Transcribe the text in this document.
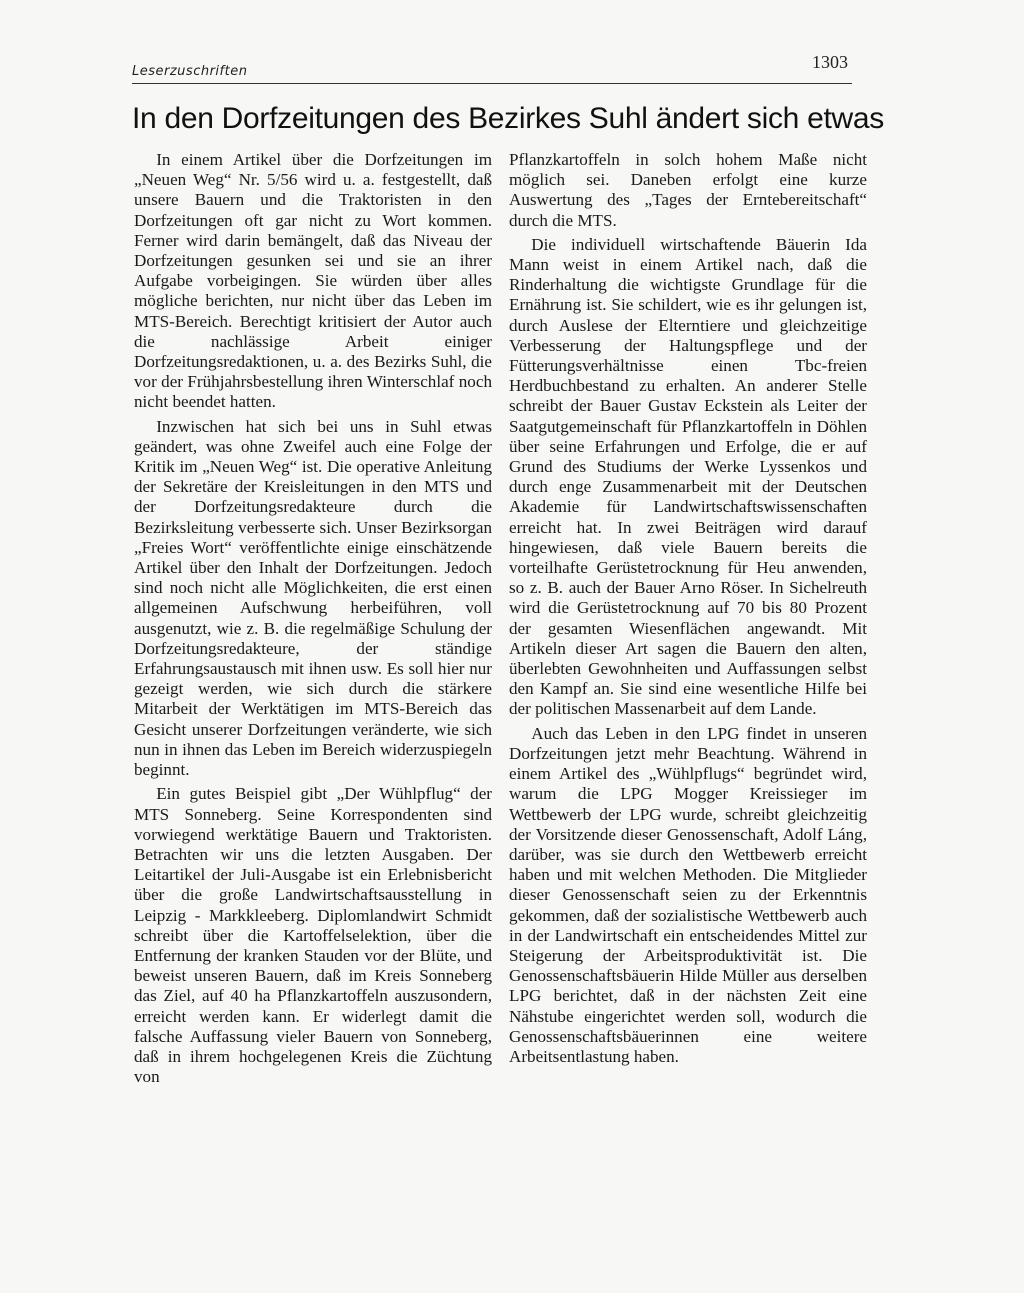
Leserzuschriften	1303
In den Dorfzeitungen des Bezirkes Suhl ändert sich etwas

In einem Artikel über die Dorfzeitungen im „Neuen Weg“ Nr. 5/56 wird u. a. festgestellt, daß unsere Bauern und die Traktoristen in den Dorfzeitungen oft gar nicht zu Wort kommen. Ferner wird darin bemängelt, daß das Niveau der Dorfzeitungen gesunken sei und sie an ihrer Aufgabe vorbeigingen. Sie würden über alles mögliche berichten, nur nicht über das Leben im MTS-Bereich. Berechtigt kritisiert der Autor auch die nachlässige Arbeit einiger Dorfzeitungsredaktionen, u. a. des Bezirks Suhl, die vor der Frühjahrsbestellung ihren Winterschlaf noch nicht beendet hatten.

Inzwischen hat sich bei uns in Suhl etwas geändert, was ohne Zweifel auch eine Folge der Kritik im „Neuen Weg“ ist. Die operative Anleitung der Sekretäre der Kreisleitungen in den MTS und der Dorfzeitungsredakteure durch die Bezirksleitung verbesserte sich. Unser Bezirksorgan „Freies Wort“ veröffentlichte einige einschätzende Artikel über den Inhalt der Dorfzeitungen. Jedoch sind noch nicht alle Möglichkeiten, die erst einen allgemeinen Aufschwung herbeiführen, voll ausgenutzt, wie z. B. die regelmäßige Schulung der Dorfzeitungsredakteure, der ständige Erfahrungsaustausch mit ihnen usw. Es soll hier nur gezeigt werden, wie sich durch die stärkere Mitarbeit der Werktätigen im MTS-Bereich das Gesicht unserer Dorfzeitungen veränderte, wie sich nun in ihnen das Leben im Bereich widerzuspiegeln beginnt.

Ein gutes Beispiel gibt „Der Wühlpflug“ der MTS Sonneberg. Seine Korrespondenten sind vorwiegend werktätige Bauern und Traktoristen. Betrachten wir uns die letzten Ausgaben. Der Leitartikel der Juli-Ausgabe ist ein Erlebnisbericht über die große Landwirtschaftsausstellung in Leipzig - Markkleeberg. Diplomlandwirt Schmidt schreibt über die Kartoffelselektion, über die Entfernung der kranken Stauden vor der Blüte, und beweist unseren Bauern, daß im Kreis Sonneberg das Ziel, auf 40 ha Pflanzkartoffeln auszusondern, erreicht werden kann. Er widerlegt damit die falsche Auffassung vieler Bauern von Sonneberg, daß in ihrem hochgelegenen Kreis die Züchtung von

Pflanzkartoffeln in solch hohem Maße nicht möglich sei. Daneben erfolgt eine kurze Auswertung des „Tages der Erntebereitschaft“ durch die MTS.

Die individuell wirtschaftende Bäuerin Ida Mann weist in einem Artikel nach, daß die Rinderhaltung die wichtigste Grundlage für die Ernährung ist. Sie schildert, wie es ihr gelungen ist, durch Auslese der Elterntiere und gleichzeitige Verbesserung der Haltungspflege und der Fütterungsverhältnisse einen Tbc-freien Herdbuchbestand zu erhalten. An anderer Stelle schreibt der Bauer Gustav Eckstein als Leiter der Saatgutgemeinschaft für Pflanzkartoffeln in Döhlen über seine Erfahrungen und Erfolge, die er auf Grund des Studiums der Werke Lyssenkos und durch enge Zusammenarbeit mit der Deutschen Akademie für Landwirtschaftswissenschaften erreicht hat. In zwei Beiträgen wird darauf hingewiesen, daß viele Bauern bereits die vorteilhafte Gerüstetrocknung für Heu anwenden, so z. B. auch der Bauer Arno Röser. In Sichelreuth wird die Gerüstetrocknung auf 70 bis 80 Prozent der gesamten Wiesenflächen angewandt. Mit Artikeln dieser Art sagen die Bauern den alten, überlebten Gewohnheiten und Auffassungen selbst den Kampf an. Sie sind eine wesentliche Hilfe bei der politischen Massenarbeit auf dem Lande.

Auch das Leben in den LPG findet in unseren Dorfzeitungen jetzt mehr Beachtung. Während in einem Artikel des „Wühlpflugs“ begründet wird, warum die LPG Mogger Kreissieger im Wettbewerb der LPG wurde, schreibt gleichzeitig der Vorsitzende dieser Genossenschaft, Adolf Láng, darüber, was sie durch den Wettbewerb erreicht haben und mit welchen Methoden. Die Mitglieder dieser Genossenschaft seien zu der Erkenntnis gekommen, daß der sozialistische Wettbewerb auch in der Landwirtschaft ein entscheidendes Mittel zur Steigerung der Arbeitsproduktivität ist. Die Genossenschaftsbäuerin Hilde Müller aus derselben LPG berichtet, daß in der nächsten Zeit eine Nähstube eingerichtet werden soll, wodurch die Genossenschaftsbäuerinnen eine weitere Arbeitsentlastung haben.
